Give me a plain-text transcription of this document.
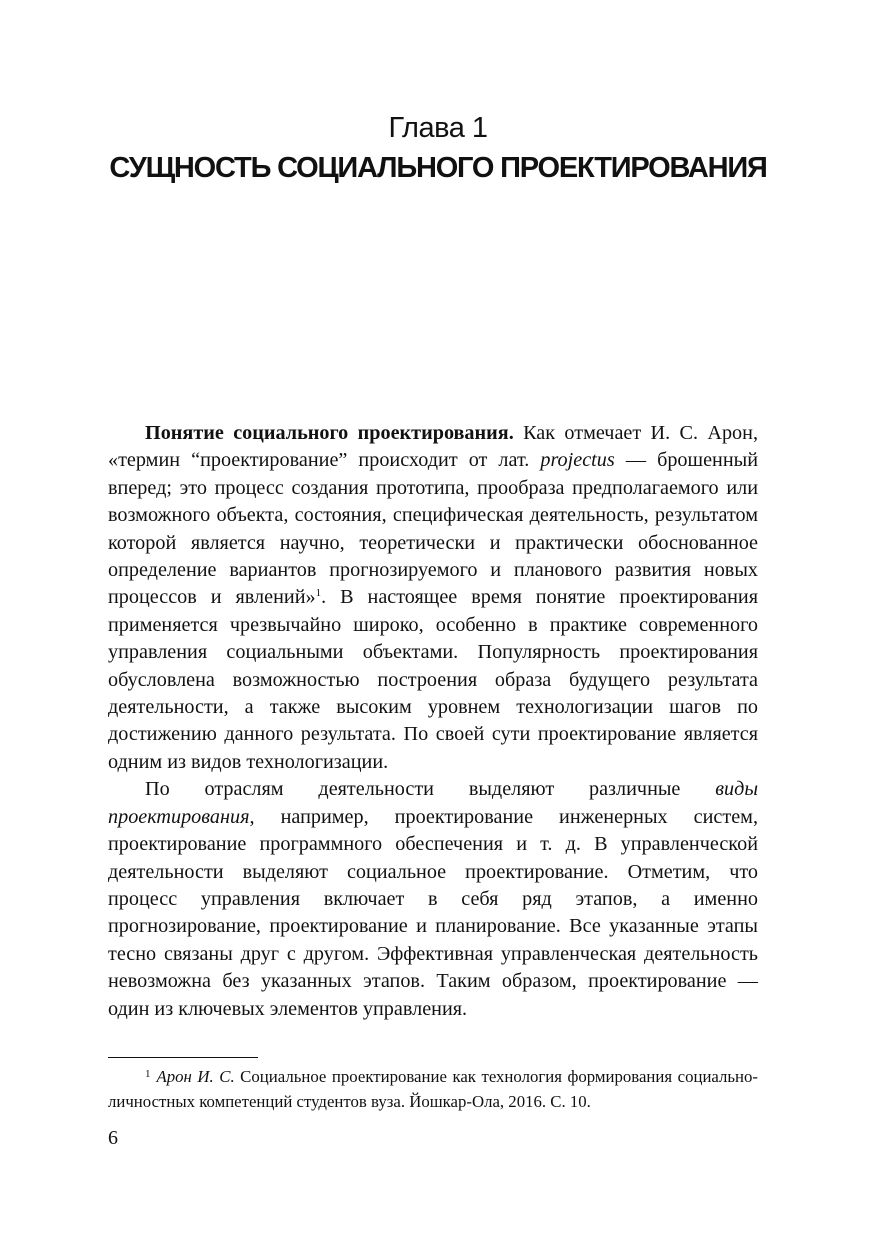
Глава 1
СУЩНОСТЬ СОЦИАЛЬНОГО ПРОЕКТИРОВАНИЯ

Понятие социального проектирования. Как отмечает И. С. Арон, «термин “проектирование” происходит от лат. projectus — брошенный вперед; это процесс создания прототипа, прообраза предполагаемого или возможного объекта, состояния, специфическая деятельность, результатом которой является научно, теоретически и практически обоснованное определение вариантов прогнозируемого и планового развития новых процессов и явлений»$^1$. В настоящее время понятие проектирования применяется чрезвычайно широко, особенно в практике современного управления социальными объектами. Популярность проектирования обусловлена возможностью построения образа будущего результата деятельности, а также высоким уровнем технологизации шагов по достижению данного результата. По своей сути проектирование является одним из видов технологизации.

По отраслям деятельности выделяют различные виды проектирования, например, проектирование инженерных систем, проектирование программного обеспечения и т. д. В управленческой деятельности выделяют социальное проектирование. Отметим, что процесс управления включает в себя ряд этапов, а именно прогнозирование, проектирование и планирование. Все указанные этапы тесно связаны друг с другом. Эффективная управленческая деятельность невозможна без указанных этапов. Таким образом, проектирование — один из ключевых элементов управления.

$^1$ Арон И. С. Социальное проектирование как технология формирования социально-личностных компетенций студентов вуза. Йошкар-Ола, 2016. С. 10.
6
